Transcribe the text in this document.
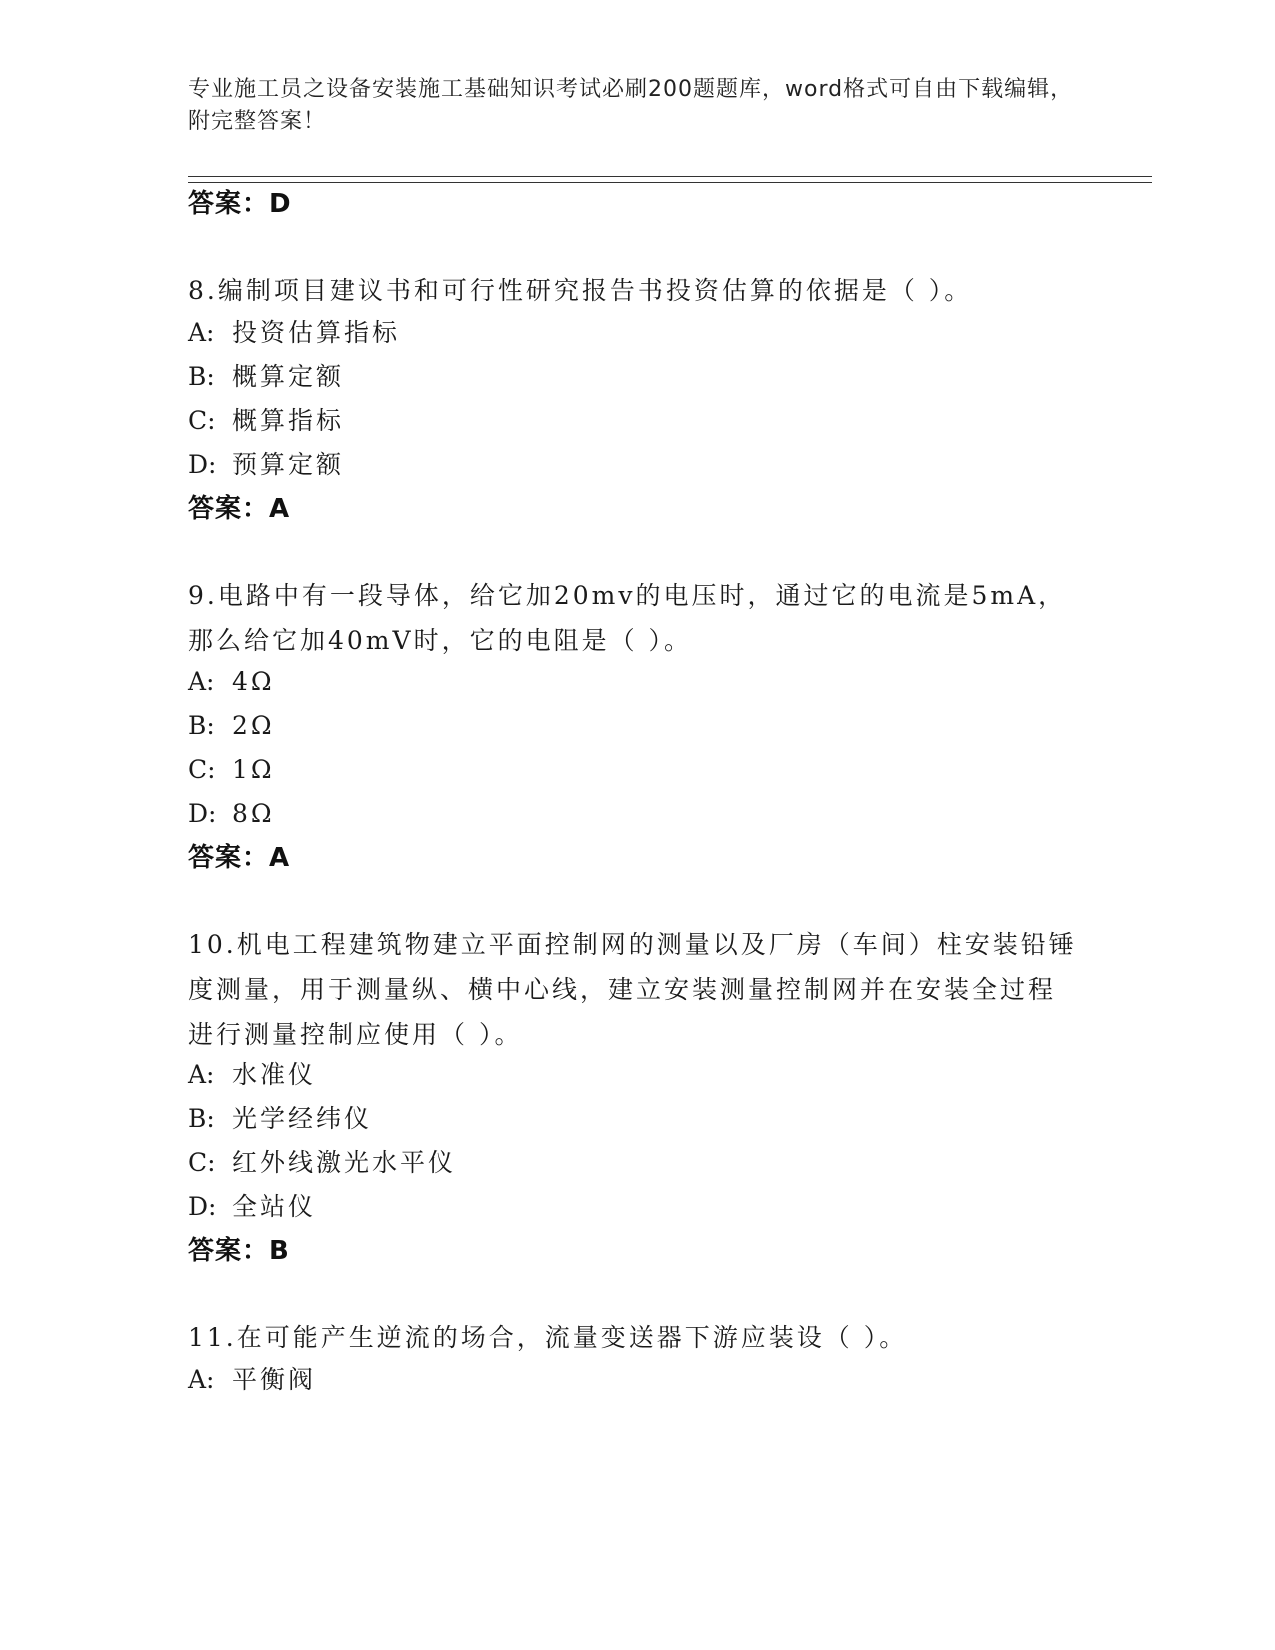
专业施工员之设备安装施工基础知识考试必刷200题题库，word格式可自由下载编辑，附完整答案！
答案：D
8.编制项目建议书和可行性研究报告书投资估算的依据是（ ）。
A: 投资估算指标
B: 概算定额
C: 概算指标
D: 预算定额
答案：A
9.电路中有一段导体，给它加20mv的电压时，通过它的电流是5mA，那么给它加40mV时，它的电阻是（ ）。
A: 4Ω
B: 2Ω
C: 1Ω
D: 8Ω
答案：A
10.机电工程建筑物建立平面控制网的测量以及厂房（车间）柱安装铅锤度测量，用于测量纵、横中心线，建立安装测量控制网并在安装全过程进行测量控制应使用（ ）。
A: 水准仪
B: 光学经纬仪
C: 红外线激光水平仪
D: 全站仪
答案：B
11.在可能产生逆流的场合，流量变送器下游应装设（ ）。
A: 平衡阀
